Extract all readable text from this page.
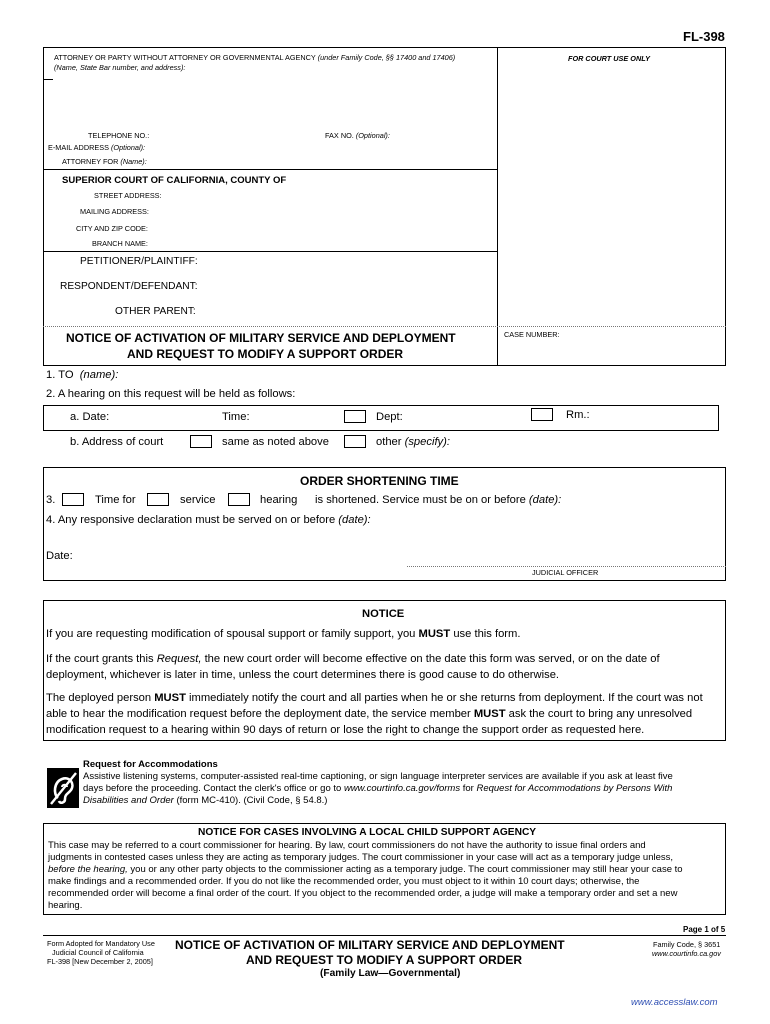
FL-398
ATTORNEY OR PARTY WITHOUT ATTORNEY OR GOVERNMENTAL AGENCY (under Family Code, §§ 17400 and 17406)
(Name, State Bar number, and address):
FOR COURT USE ONLY
TELEPHONE NO.:	FAX NO. (Optional):
E-MAIL ADDRESS (Optional):
ATTORNEY FOR (Name):
SUPERIOR COURT OF CALIFORNIA, COUNTY OF
STREET ADDRESS:
MAILING ADDRESS:
CITY AND ZIP CODE:
BRANCH NAME:
PETITIONER/PLAINTIFF:
RESPONDENT/DEFENDANT:
OTHER PARENT:
NOTICE OF ACTIVATION OF MILITARY SERVICE AND DEPLOYMENT
AND REQUEST TO MODIFY A SUPPORT ORDER
CASE NUMBER:
1. TO (name):
2. A hearing on this request will be held as follows:
a. Date:	Time:	Dept:	Rm.:
b. Address of court	same as noted above	other (specify):
ORDER SHORTENING TIME
3.	Time for	service	hearing is shortened. Service must be on or before (date):
4. Any responsive declaration must be served on or before (date):
Date:
JUDICIAL OFFICER
NOTICE
If you are requesting modification of spousal support or family support, you MUST use this form.
If the court grants this Request, the new court order will become effective on the date this form was served, or on the date of
deployment, whichever is later in time, unless the court determines there is good cause to do otherwise.
The deployed person MUST immediately notify the court and all parties when he or she returns from deployment. If the court was not
able to hear the modification request before the deployment date, the service member MUST ask the court to bring any unresolved
modification request to a hearing within 90 days of return or lose the right to change the support order as requested here.
Request for Accommodations
Assistive listening systems, computer-assisted real-time captioning, or sign language interpreter services are available if you ask at least five
days before the proceeding. Contact the clerk's office or go to www.courtinfo.ca.gov/forms for Request for Accommodations by Persons With
Disabilities and Order (form MC-410). (Civil Code, § 54.8.)
NOTICE FOR CASES INVOLVING A LOCAL CHILD SUPPORT AGENCY
This case may be referred to a court commissioner for hearing. By law, court commissioners do not have the authority to issue final orders and
judgments in contested cases unless they are acting as temporary judges. The court commissioner in your case will act as a temporary judge unless,
before the hearing, you or any other party objects to the commissioner acting as a temporary judge. The court commissioner may still hear your case to
make findings and a recommended order. If you do not like the recommended order, you must object to it within 10 court days; otherwise, the
recommended order will become a final order of the court. If you object to the recommended order, a judge will make a temporary order and set a new
hearing.
Page 1 of 5
Form Adopted for Mandatory Use
Judicial Council of California
FL-398 [New December 2, 2005]
NOTICE OF ACTIVATION OF MILITARY SERVICE AND DEPLOYMENT
AND REQUEST TO MODIFY A SUPPORT ORDER
(Family Law—Governmental)
Family Code, § 3651
www.courtinfo.ca.gov
www.accesslaw.com
